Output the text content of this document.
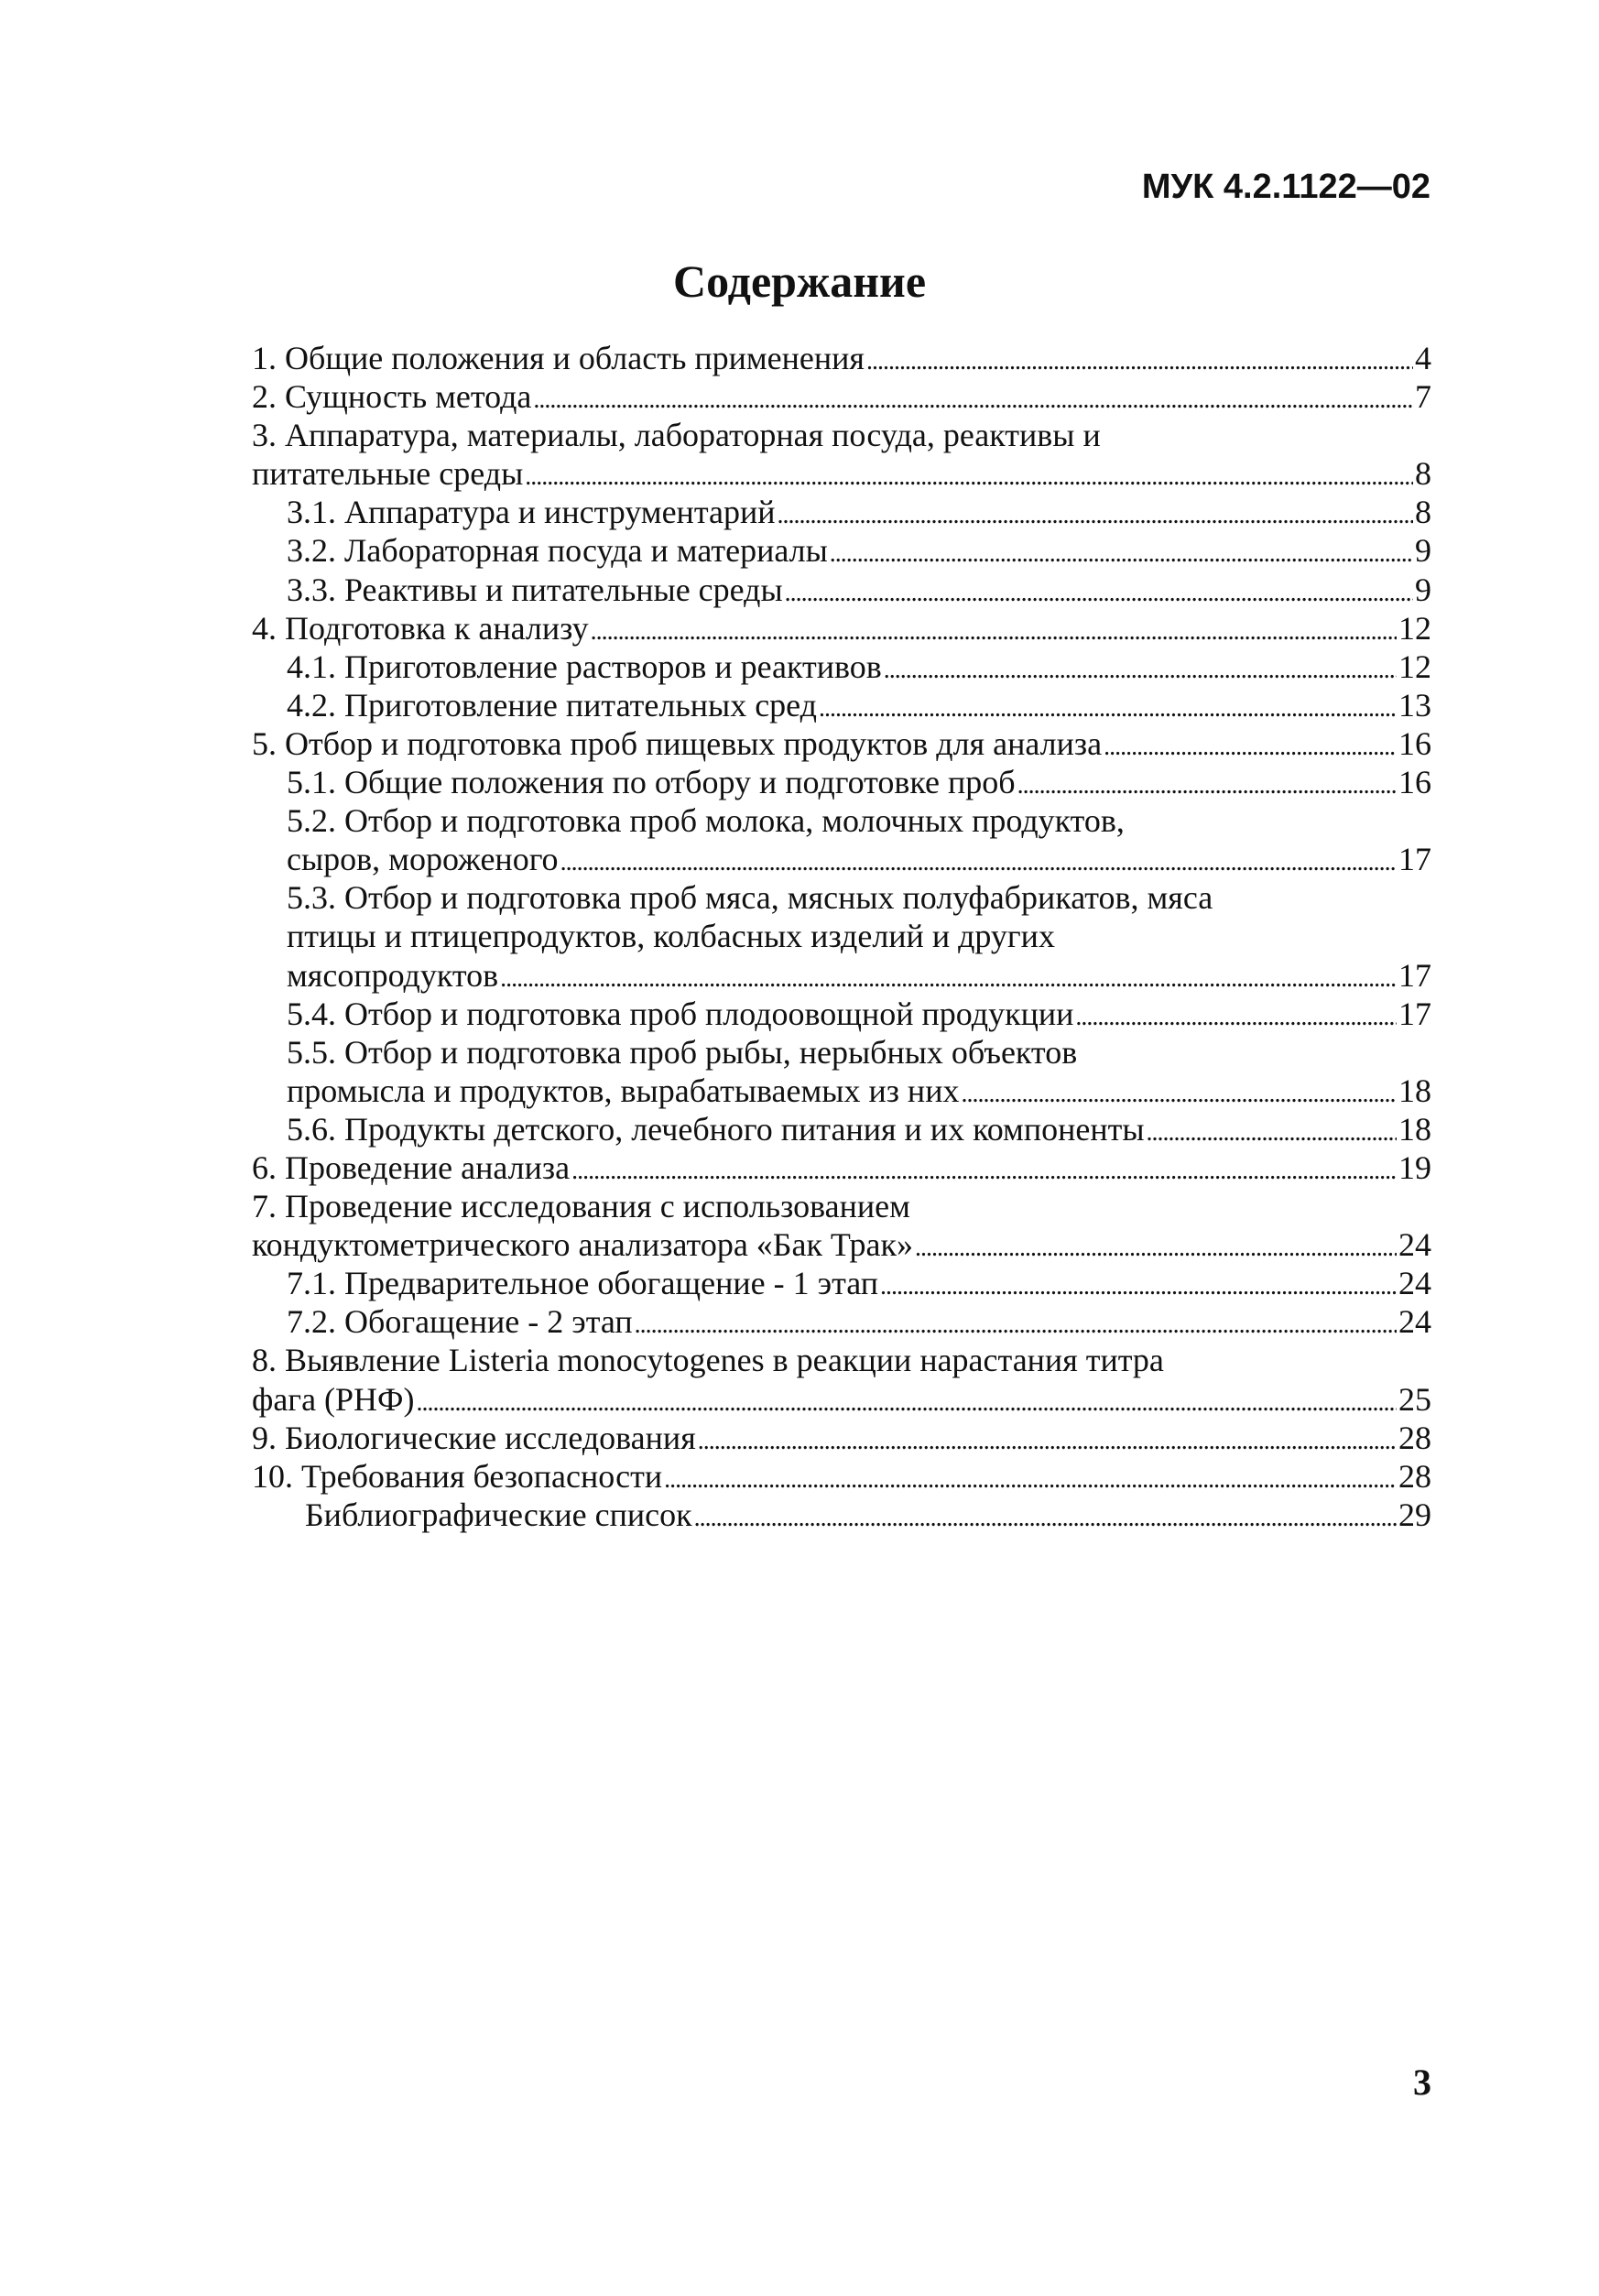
МУК 4.2.1122—02
Содержание
1. Общие положения и область применения . . .	4
2. Сущность метода . . .	7
3. Аппаратура, материалы, лабораторная посуда, реактивы и
питательные среды . . .	8
3.1. Аппаратура и инструментарий . . .	8
3.2. Лабораторная посуда и материалы . . .	9
3.3. Реактивы и питательные среды . . .	9
4. Подготовка к анализу . . .	12
4.1. Приготовление растворов и реактивов . . .	12
4.2. Приготовление питательных сред . . .	13
5. Отбор и подготовка проб пищевых продуктов для анализа . . .	16
5.1. Общие положения по отбору и подготовке проб . . .	16
5.2. Отбор и подготовка проб молока, молочных продуктов,
сыров, мороженого . . .	17
5.3. Отбор и подготовка проб мяса, мясных полуфабрикатов, мяса
птицы и птицепродуктов, колбасных изделий и других
мясопродуктов . . .	17
5.4. Отбор и подготовка проб плодоовощной продукции . . .	17
5.5. Отбор и подготовка проб рыбы, нерыбных объектов
промысла и продуктов, вырабатываемых из них . . .	18
5.6. Продукты детского, лечебного питания и их компоненты . . .	18
6. Проведение анализа . . .	19
7. Проведение исследования с использованием
кондуктометрического анализатора «Бак Трак» . . .	24
7.1. Предварительное обогащение - 1 этап . . .	24
7.2. Обогащение - 2 этап . . .	24
8. Выявление Listeria monocytogenes в реакции нарастания титра
фага (РНФ) . . .	25
9. Биологические исследования . . .	28
10. Требования безопасности . . .	28
Библиографические список . . .	29
3
